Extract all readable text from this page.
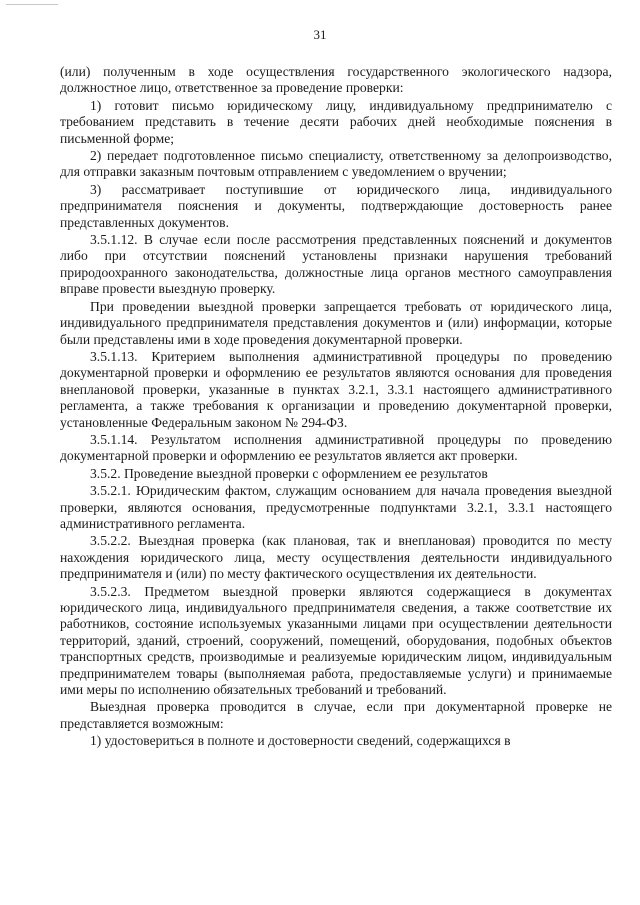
31

(или) полученным в ходе осуществления государственного экологического надзора, должностное лицо, ответственное за проведение проверки:

1) готовит письмо юридическому лицу, индивидуальному предпринимателю с требованием представить в течение десяти рабочих дней необходимые пояснения в письменной форме;

2) передает подготовленное письмо специалисту, ответственному за делопроизводство, для отправки заказным почтовым отправлением с уведомлением о вручении;

3) рассматривает поступившие от юридического лица, индивидуального предпринимателя пояснения и документы, подтверждающие достоверность ранее представленных документов.

3.5.1.12. В случае если после рассмотрения представленных пояснений и документов либо при отсутствии пояснений установлены признаки нарушения требований природоохранного законодательства, должностные лица органов местного самоуправления вправе провести выездную проверку.

При проведении выездной проверки запрещается требовать от юридического лица, индивидуального предпринимателя представления документов и (или) информации, которые были представлены ими в ходе проведения документарной проверки.

3.5.1.13. Критерием выполнения административной процедуры по проведению документарной проверки и оформлению ее результатов являются основания для проведения внеплановой проверки, указанные в пунктах 3.2.1, 3.3.1 настоящего административного регламента, а также требования к организации и проведению документарной проверки, установленные Федеральным законом № 294-ФЗ.

3.5.1.14. Результатом исполнения административной процедуры по проведению документарной проверки и оформлению ее результатов является акт проверки.

3.5.2. Проведение выездной проверки с оформлением ее результатов

3.5.2.1. Юридическим фактом, служащим основанием для начала проведения выездной проверки, являются основания, предусмотренные подпунктами 3.2.1, 3.3.1 настоящего административного регламента.

3.5.2.2. Выездная проверка (как плановая, так и внеплановая) проводится по месту нахождения юридического лица, месту осуществления деятельности индивидуального предпринимателя и (или) по месту фактического осуществления их деятельности.

3.5.2.3. Предметом выездной проверки являются содержащиеся в документах юридического лица, индивидуального предпринимателя сведения, а также соответствие их работников, состояние используемых указанными лицами при осуществлении деятельности территорий, зданий, строений, сооружений, помещений, оборудования, подобных объектов транспортных средств, производимые и реализуемые юридическим лицом, индивидуальным предпринимателем товары (выполняемая работа, предоставляемые услуги) и принимаемые ими меры по исполнению обязательных требований и требований.

Выездная проверка проводится в случае, если при документарной проверке не представляется возможным:

1) удостовериться в полноте и достоверности сведений, содержащихся в
